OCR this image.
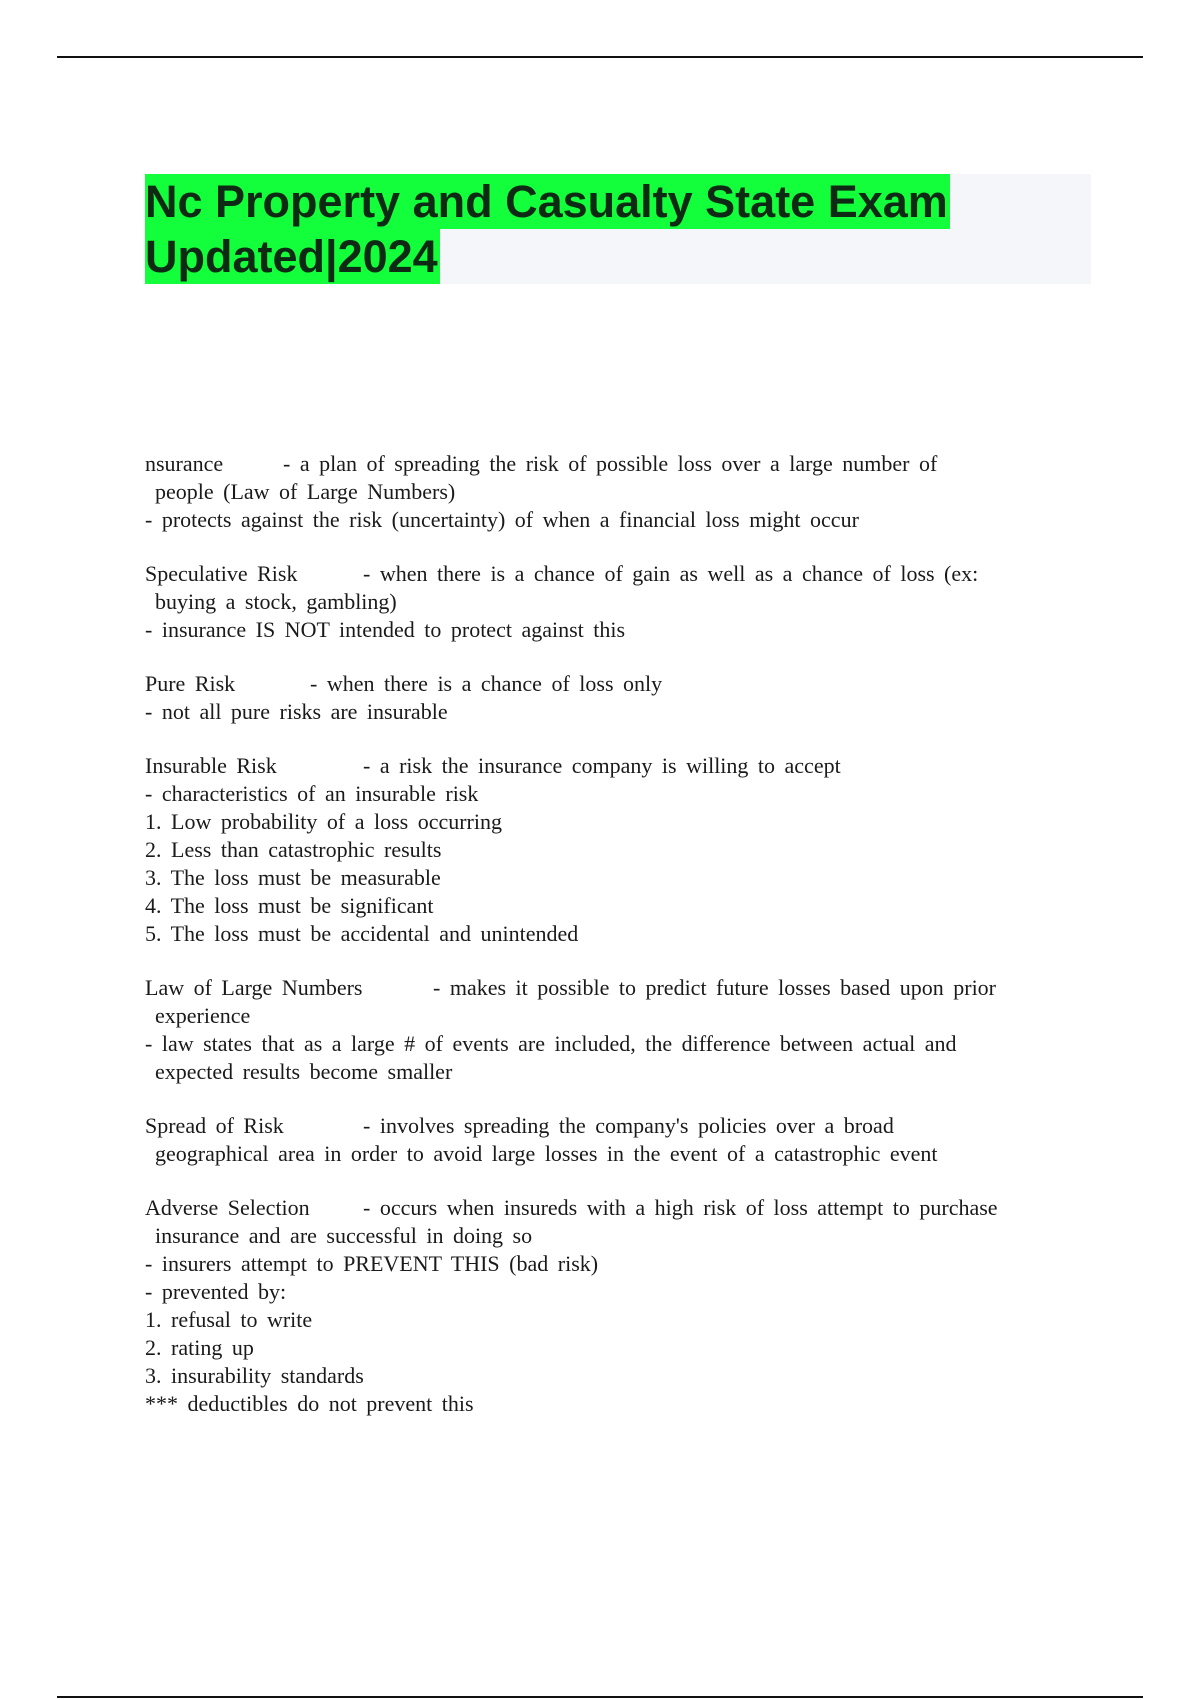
Nc Property and Casualty State Exam
Updated|2024
nsurance	- a plan of spreading the risk of possible loss over a large number of
people (Law of Large Numbers)
- protects against the risk (uncertainty) of when a financial loss might occur
Speculative Risk	- when there is a chance of gain as well as a chance of loss (ex:
buying a stock, gambling)
- insurance IS NOT intended to protect against this
Pure Risk	- when there is a chance of loss only
- not all pure risks are insurable
Insurable Risk	- a risk the insurance company is willing to accept
- characteristics of an insurable risk
1. Low probability of a loss occurring
2. Less than catastrophic results
3. The loss must be measurable
4. The loss must be significant
5. The loss must be accidental and unintended
Law of Large Numbers	- makes it possible to predict future losses based upon prior
experience
- law states that as a large # of events are included, the difference between actual and
expected results become smaller
Spread of Risk	- involves spreading the company's policies over a broad
geographical area in order to avoid large losses in the event of a catastrophic event
Adverse Selection - occurs when insureds with a high risk of loss attempt to purchase
insurance and are successful in doing so
- insurers attempt to PREVENT THIS (bad risk)
- prevented by:
1. refusal to write
2. rating up
3. insurability standards
*** deductibles do not prevent this
